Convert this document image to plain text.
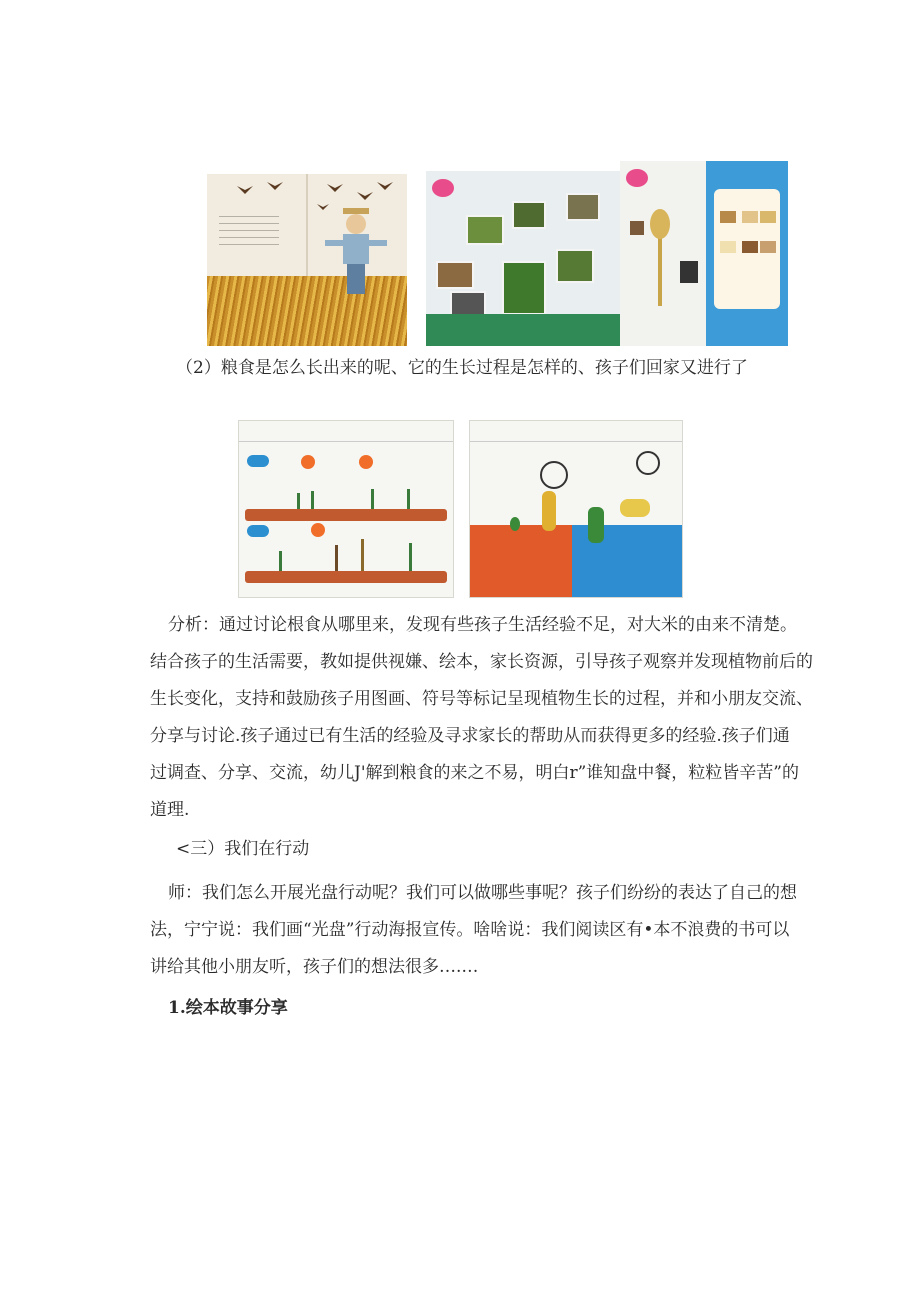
（2）粮食是怎么长出来的呢、它的生长过程是怎样的、孩子们回家又进行了
分析：通过讨论根食从哪里来，发现有些孩子生活经验不足，对大米的由来不清楚。
结合孩子的生活需要，教如提供视嫌、绘本，家长资源，引导孩子观察并发现植物前后的
生长变化，支持和鼓励孩子用图画、符号等标记呈现植物生长的过程，并和小朋友交流、
分享与讨论.孩子通过已有生活的经验及寻求家长的帮助从而获得更多的经验.孩子们通
过调查、分享、交流，幼儿J'解到粮食的来之不易，明白r”谁知盘中餐，粒粒皆辛苦”的
道理.
<三）我们在行动
师：我们怎么开展光盘行动呢？我们可以做哪些事呢？孩子们纷纷的表达了自己的想
法，宁宁说：我们画“光盘”行动海报宣传。啥啥说：我们阅读区有•本不浪费的书可以
讲给其他小朋友听，孩子们的想法很多….…
1.绘本故事分享
